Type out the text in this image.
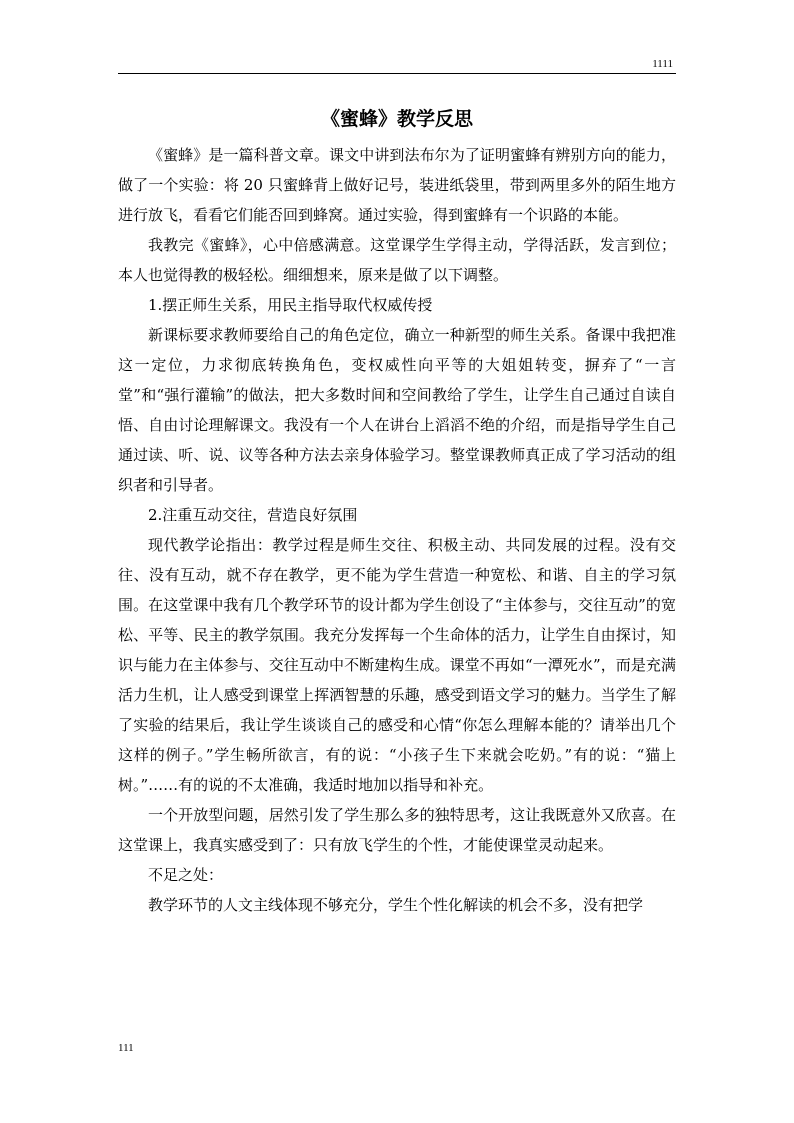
1111
《蜜蜂》教学反思

《蜜蜂》是一篇科普文章。课文中讲到法布尔为了证明蜜蜂有辨别方向的能力，做了一个实验：将 20 只蜜蜂背上做好记号，装进纸袋里，带到两里多外的陌生地方进行放飞，看看它们能否回到蜂窝。通过实验，得到蜜蜂有一个识路的本能。

我教完《蜜蜂》，心中倍感满意。这堂课学生学得主动，学得活跃，发言到位；本人也觉得教的极轻松。细细想来，原来是做了以下调整。

1.摆正师生关系，用民主指导取代权威传授

新课标要求教师要给自己的角色定位，确立一种新型的师生关系。备课中我把准这一定位，力求彻底转换角色，变权威性向平等的大姐姐转变，摒弃了“一言堂”和“强行灌输”的做法，把大多数时间和空间教给了学生，让学生自己通过自读自悟、自由讨论理解课文。我没有一个人在讲台上滔滔不绝的介绍，而是指导学生自己通过读、听、说、议等各种方法去亲身体验学习。整堂课教师真正成了学习活动的组织者和引导者。

2.注重互动交往，营造良好氛围

现代教学论指出：教学过程是师生交往、积极主动、共同发展的过程。没有交往、没有互动，就不存在教学，更不能为学生营造一种宽松、和谐、自主的学习氛围。在这堂课中我有几个教学环节的设计都为学生创设了“主体参与，交往互动”的宽松、平等、民主的教学氛围。我充分发挥每一个生命体的活力，让学生自由探讨，知识与能力在主体参与、交往互动中不断建构生成。课堂不再如“一潭死水”，而是充满活力生机，让人感受到课堂上挥洒智慧的乐趣，感受到语文学习的魅力。当学生了解了实验的结果后，我让学生谈谈自己的感受和心情“你怎么理解本能的？请举出几个这样的例子。”学生畅所欲言，有的说：“小孩子生下来就会吃奶。”有的说：“猫上树。”……有的说的不太准确，我适时地加以指导和补充。

一个开放型问题，居然引发了学生那么多的独特思考，这让我既意外又欣喜。在这堂课上，我真实感受到了：只有放飞学生的个性，才能使课堂灵动起来。

不足之处：

教学环节的人文主线体现不够充分，学生个性化解读的机会不多，没有把学

111
